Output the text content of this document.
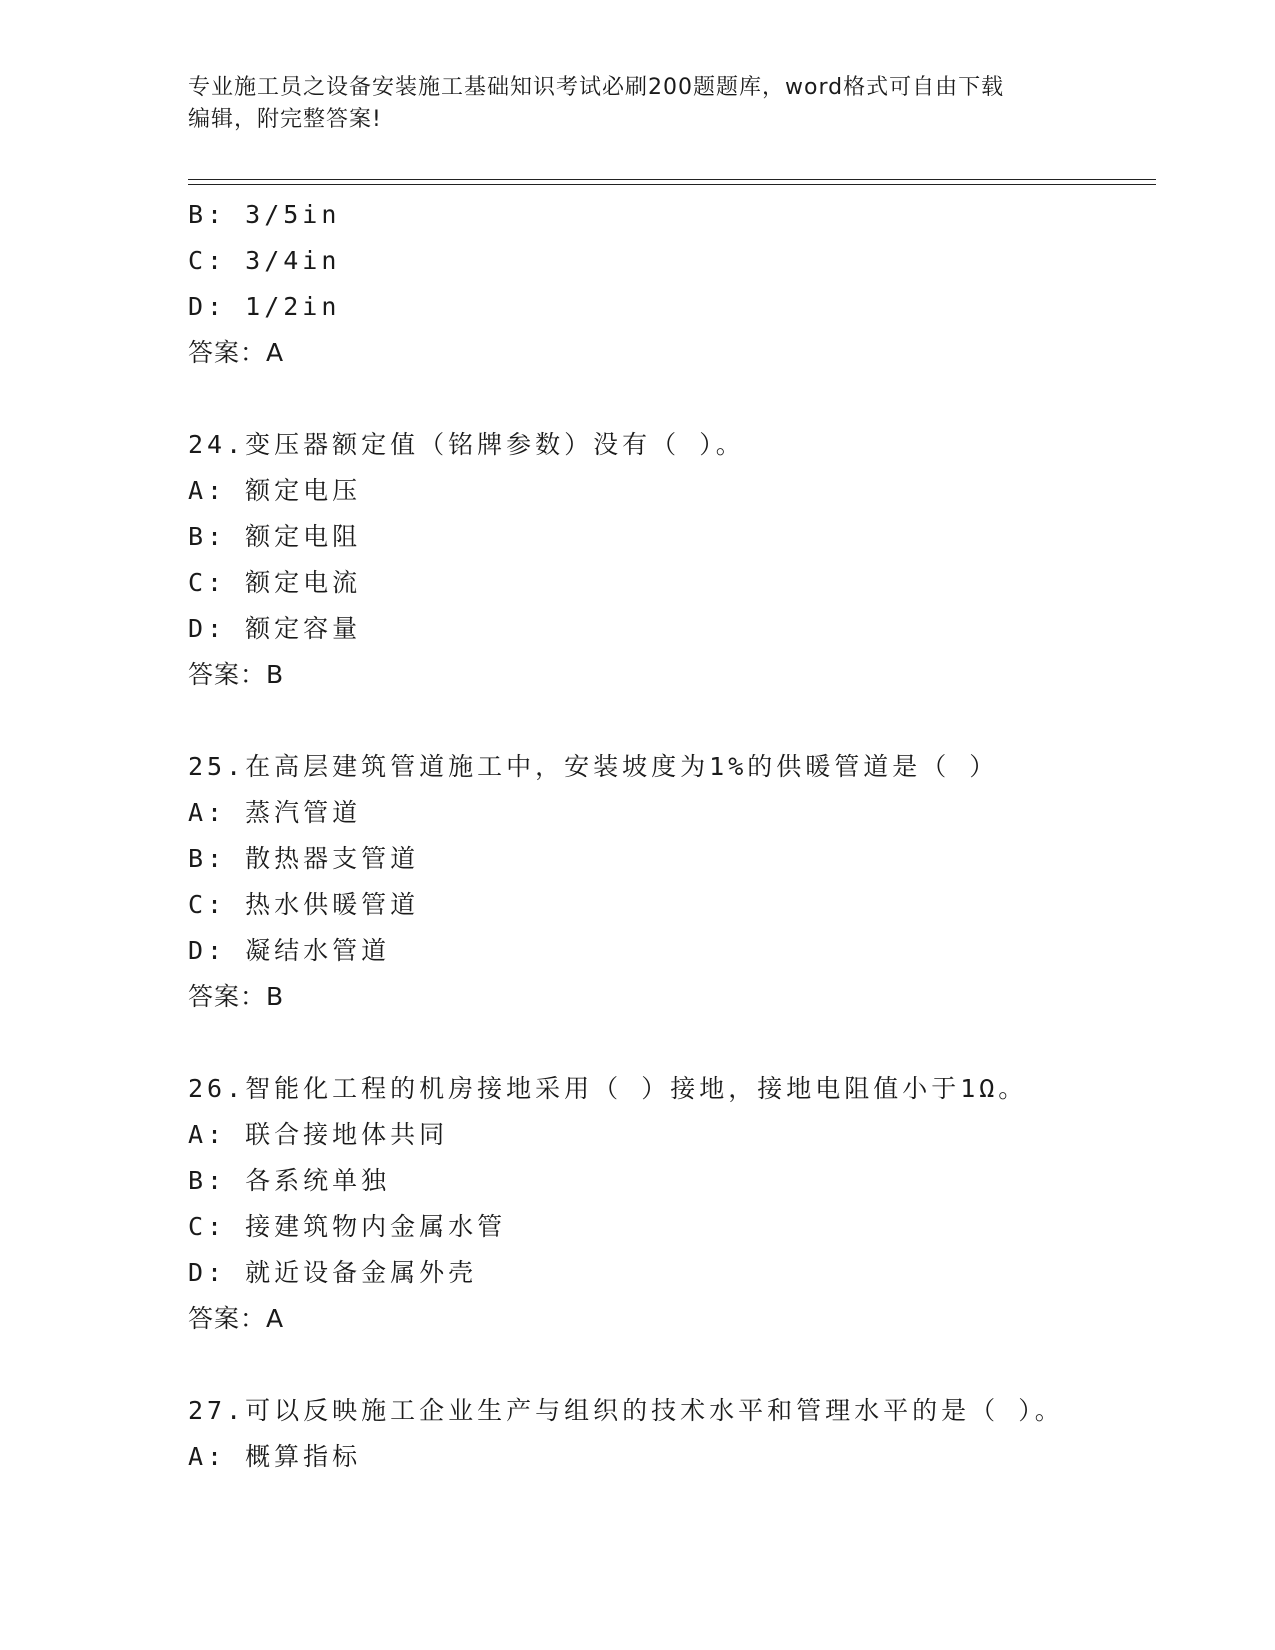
专业施工员之设备安装施工基础知识考试必刷200题题库，word格式可自由下载
编辑，附完整答案!
B: 3/5in
C: 3/4in
D: 1/2in
答案：A
24.变压器额定值（铭牌参数）没有（ ）。
A: 额定电压
B: 额定电阻
C: 额定电流
D: 额定容量
答案：B
25.在高层建筑管道施工中，安装坡度为1%的供暖管道是（ ）
A: 蒸汽管道
B: 散热器支管道
C: 热水供暖管道
D: 凝结水管道
答案：B
26.智能化工程的机房接地采用（ ）接地，接地电阻值小于1Ω。
A: 联合接地体共同
B: 各系统单独
C: 接建筑物内金属水管
D: 就近设备金属外壳
答案：A
27.可以反映施工企业生产与组织的技术水平和管理水平的是（ ）。
A: 概算指标
